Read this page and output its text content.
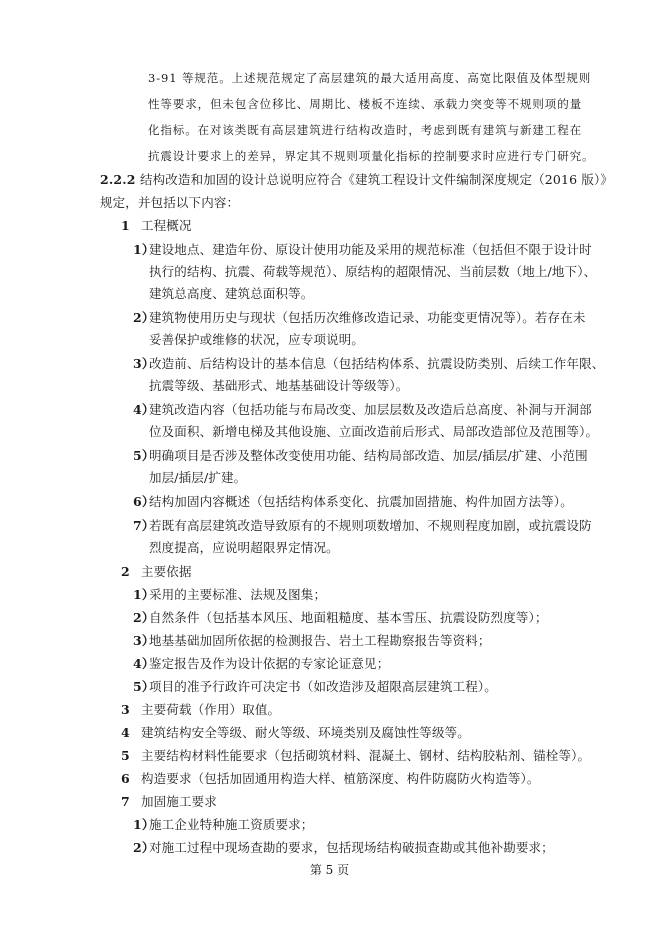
3-91 等规范。上述规范规定了高层建筑的最大适用高度、高宽比限值及体型规则
性等要求，但未包含位移比、周期比、楼板不连续、承载力突变等不规则项的量
化指标。在对该类既有高层建筑进行结构改造时，考虑到既有建筑与新建工程在
抗震设计要求上的差异，界定其不规则项量化指标的控制要求时应进行专门研究。
2.2.2 结构改造和加固的设计总说明应符合《建筑工程设计文件编制深度规定（2016 版）》
规定，并包括以下内容：
1 工程概况
1）建设地点、建造年份、原设计使用功能及采用的规范标准（包括但不限于设计时
执行的结构、抗震、荷载等规范）、原结构的超限情况、当前层数（地上/地下）、
建筑总高度、建筑总面积等。
2）建筑物使用历史与现状（包括历次维修改造记录、功能变更情况等）。若存在未
妥善保护或维修的状况，应专项说明。
3）改造前、后结构设计的基本信息（包括结构体系、抗震设防类别、后续工作年限、
抗震等级、基础形式、地基基础设计等级等）。
4）建筑改造内容（包括功能与布局改变、加层层数及改造后总高度、补洞与开洞部
位及面积、新增电梯及其他设施、立面改造前后形式、局部改造部位及范围等）。
5）明确项目是否涉及整体改变使用功能、结构局部改造、加层/插层/扩建、小范围
加层/插层/扩建。
6）结构加固内容概述（包括结构体系变化、抗震加固措施、构件加固方法等）。
7）若既有高层建筑改造导致原有的不规则项数增加、不规则程度加剧，或抗震设防
烈度提高，应说明超限界定情况。
2 主要依据
1）采用的主要标准、法规及图集；
2）自然条件（包括基本风压、地面粗糙度、基本雪压、抗震设防烈度等）；
3）地基基础加固所依据的检测报告、岩土工程勘察报告等资料；
4）鉴定报告及作为设计依据的专家论证意见；
5）项目的准予行政许可决定书（如改造涉及超限高层建筑工程）。
3 主要荷载（作用）取值。
4 建筑结构安全等级、耐火等级、环境类别及腐蚀性等级等。
5 主要结构材料性能要求（包括砌筑材料、混凝土、钢材、结构胶粘剂、锚栓等）。
6 构造要求（包括加固通用构造大样、植筋深度、构件防腐防火构造等）。
7 加固施工要求
1）施工企业特种施工资质要求；
2）对施工过程中现场查勘的要求，包括现场结构破损查勘或其他补勘要求；
第 5 页
